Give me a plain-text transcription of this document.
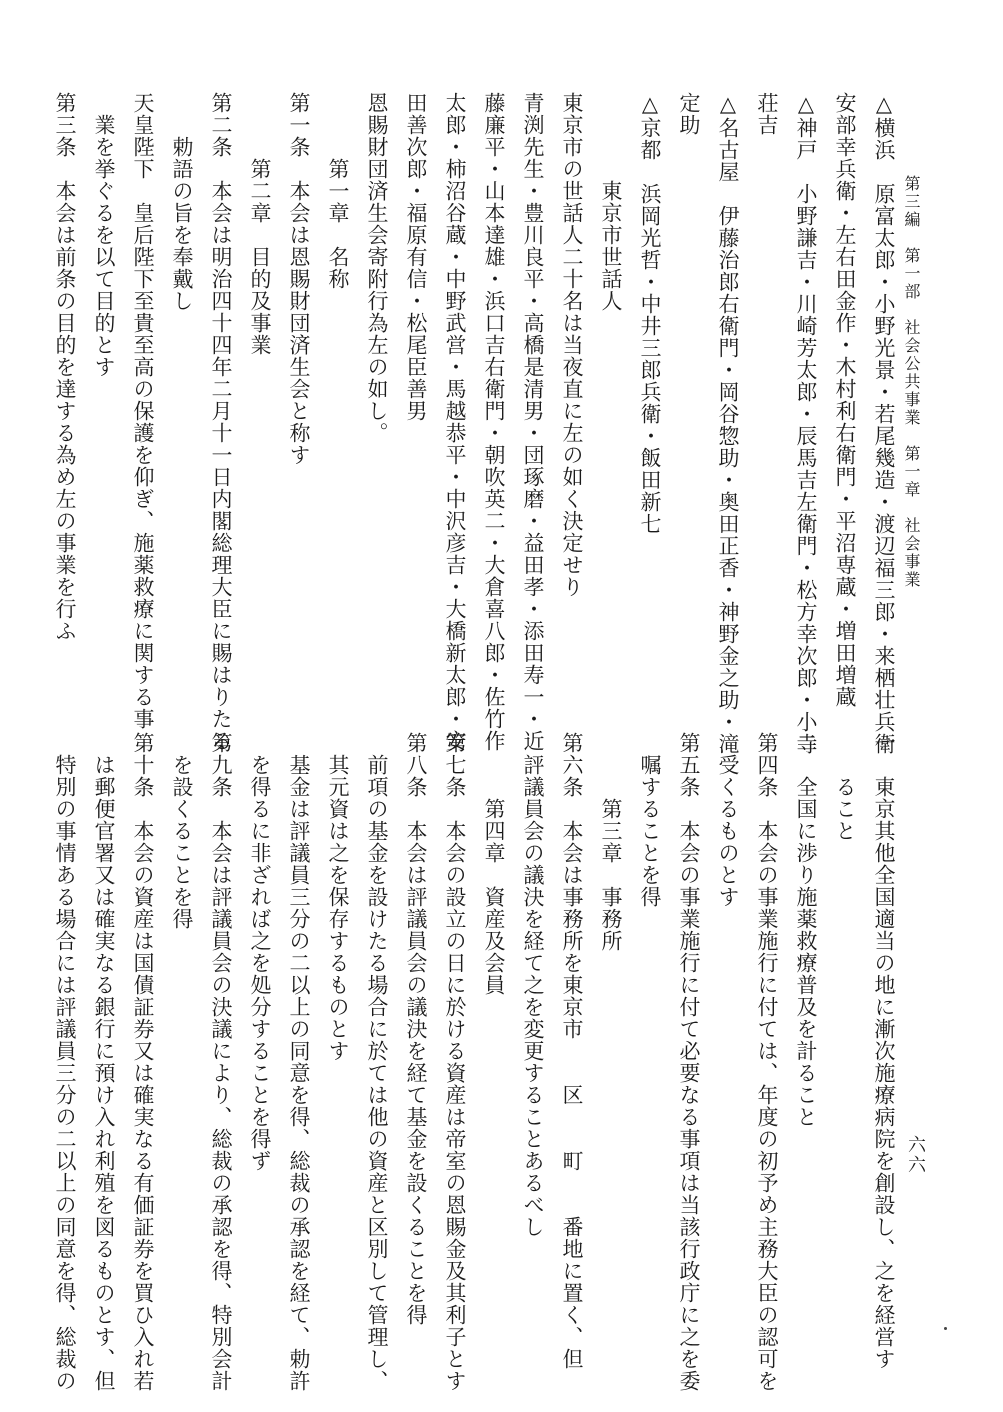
第三編　第一部　社会公共事業　第一章　社会事業
六六
△横浜　原富太郎・小野光景・若尾幾造・渡辺福三郎・来栖壮兵衛
安部幸兵衛・左右田金作・木村利右衛門・平沼専蔵・増田増蔵
△神戸　小野謙吉・川崎芳太郎・辰馬吉左衛門・松方幸次郎・小寺
荘吉
△名古屋　伊藤治郎右衛門・岡谷惣助・奥田正香・神野金之助・滝
定助
△京都　浜岡光哲・中井三郎兵衛・飯田新七
　　　　東京市世話人
東京市の世話人二十名は当夜直に左の如く決定せり
青渕先生・豊川良平・高橋是清男・団琢磨・益田孝・添田寿一・近
藤廉平・山本達雄・浜口吉右衛門・朝吹英二・大倉喜八郎・佐竹作
太郎・柿沼谷蔵・中野武営・馬越恭平・中沢彦吉・大橋新太郎・安
田善次郎・福原有信・松尾臣善男
恩賜財団済生会寄附行為左の如し。
　　　第一章　名称
第一条　本会は恩賜財団済生会と称す
　　　第二章　目的及事業
第二条　本会は明治四十四年二月十一日内閣総理大臣に賜はりたる
　　勅語の旨を奉戴し
天皇陛下　皇后陛下至貴至高の保護を仰ぎ、施薬救療に関する事
　業を挙ぐるを以て目的とす
第三条　本会は前条の目的を達する為め左の事業を行ふ
一　東京其他全国適当の地に漸次施療病院を創設し、之を経営す
　　ること
二　全国に渉り施薬救療普及を計ること
第四条　本会の事業施行に付ては、年度の初予め主務大臣の認可を
　受くるものとす
第五条　本会の事業施行に付て必要なる事項は当該行政庁に之を委
　嘱することを得
　　　第三章　事務所
第六条　本会は事務所を東京市　　区　　町　　番地に置く、但
　評議員会の議決を経て之を変更することあるべし
　　　第四章　資産及会員
第七条　本会の設立の日に於ける資産は帝室の恩賜金及其利子とす
第八条　本会は評議員会の議決を経て基金を設くることを得
　前項の基金を設けたる場合に於ては他の資産と区別して管理し、
　其元資は之を保存するものとす
　基金は評議員三分の二以上の同意を得、総裁の承認を経て、勅許
　を得るに非ざれば之を処分することを得ず
第九条　本会は評議員会の決議により、総裁の承認を得、特別会計
　を設くることを得
第十条　本会の資産は国債証券又は確実なる有価証券を買ひ入れ若
　は郵便官署又は確実なる銀行に預け入れ利殖を図るものとす、但
　特別の事情ある場合には評議員三分の二以上の同意を得、総裁の
